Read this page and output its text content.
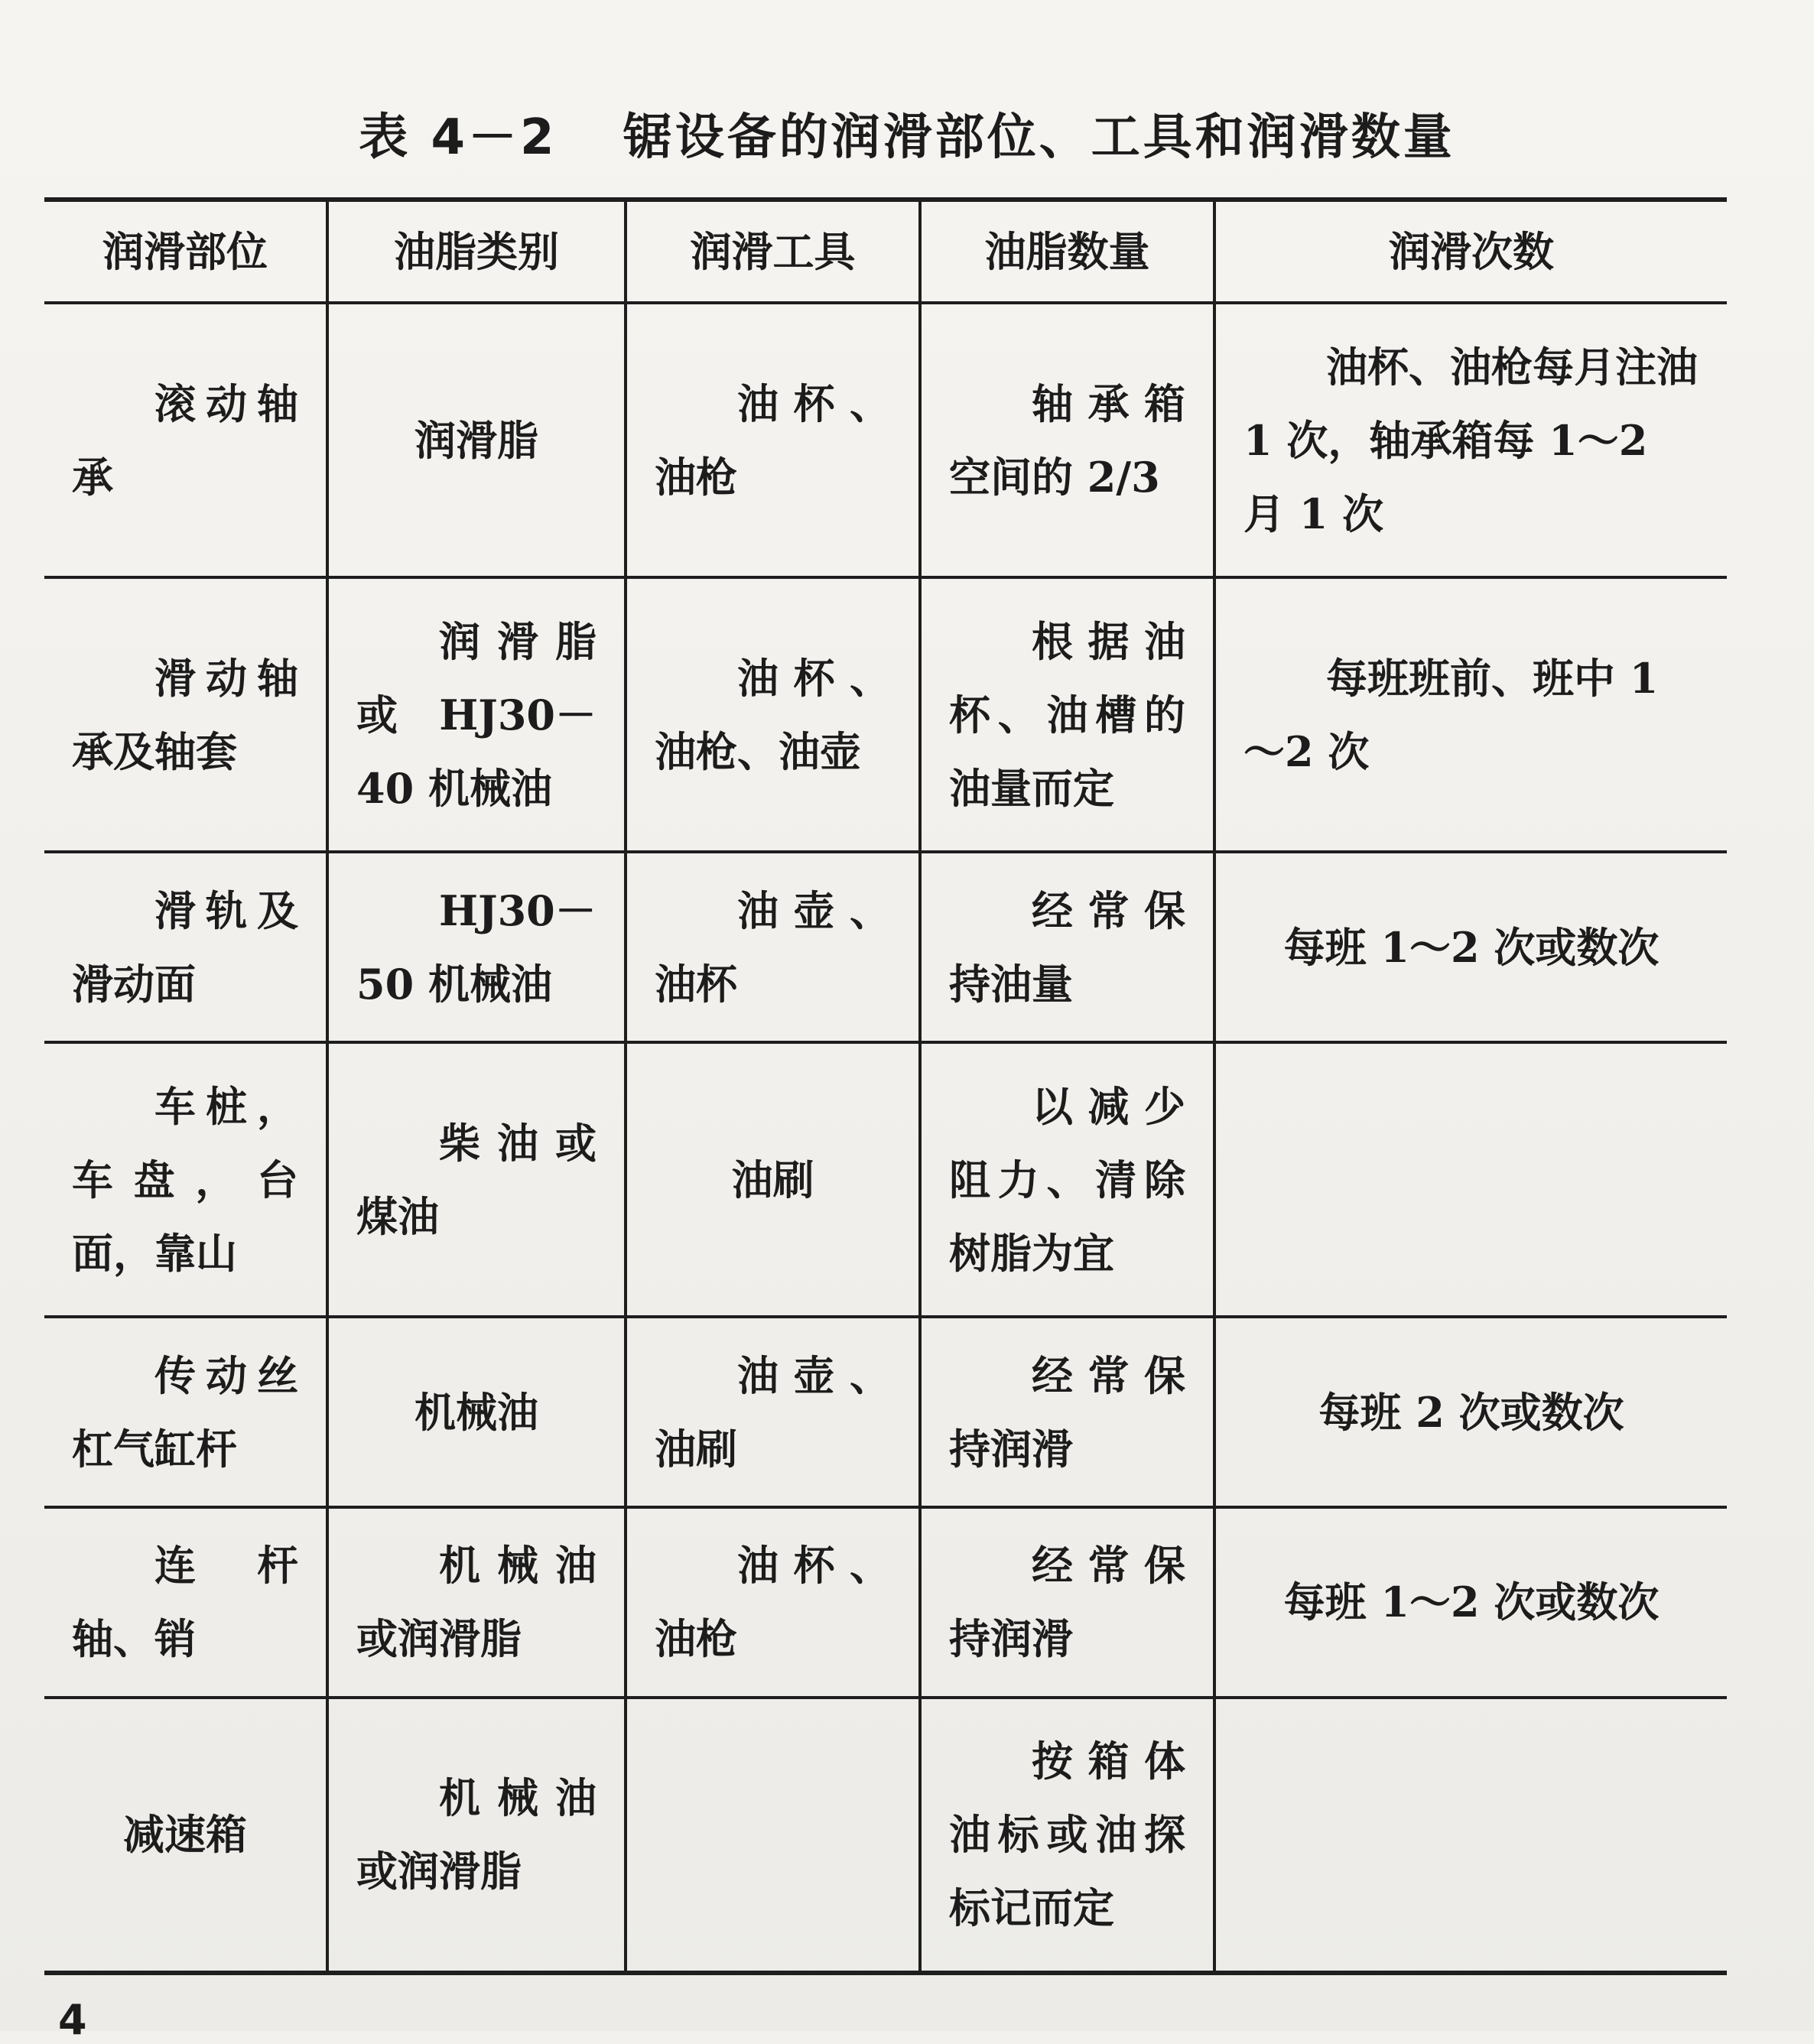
表 4－2 锯设备的润滑部位、工具和润滑数量
润滑部位	油脂类别	润滑工具	油脂数量	润滑次数
滚动轴承	润滑脂	油杯、油枪	轴承箱空间的 2/3	油杯、油枪每月注油 1 次，轴承箱每 1～2 月 1 次
滑动轴承及轴套	润滑脂或 HJ30－40 机械油	油杯、油枪、油壶	根据油杯、油槽的油量而定	每班班前、班中 1～2 次
滑轨及滑动面	HJ30－50 机械油	油壶、油杯	经常保持油量	每班 1～2 次或数次
车桩，车盘，台面，靠山	柴油或煤油	油刷	以减少阻力、清除树脂为宜	
传动丝杠气缸杆	机械油	油壶、油刷	经常保持润滑	每班 2 次或数次
连杆轴、销	机械油或润滑脂	油杯、油枪	经常保持润滑	每班 1～2 次或数次
减速箱	机械油或润滑脂		按箱体油标或油探标记而定	
4
